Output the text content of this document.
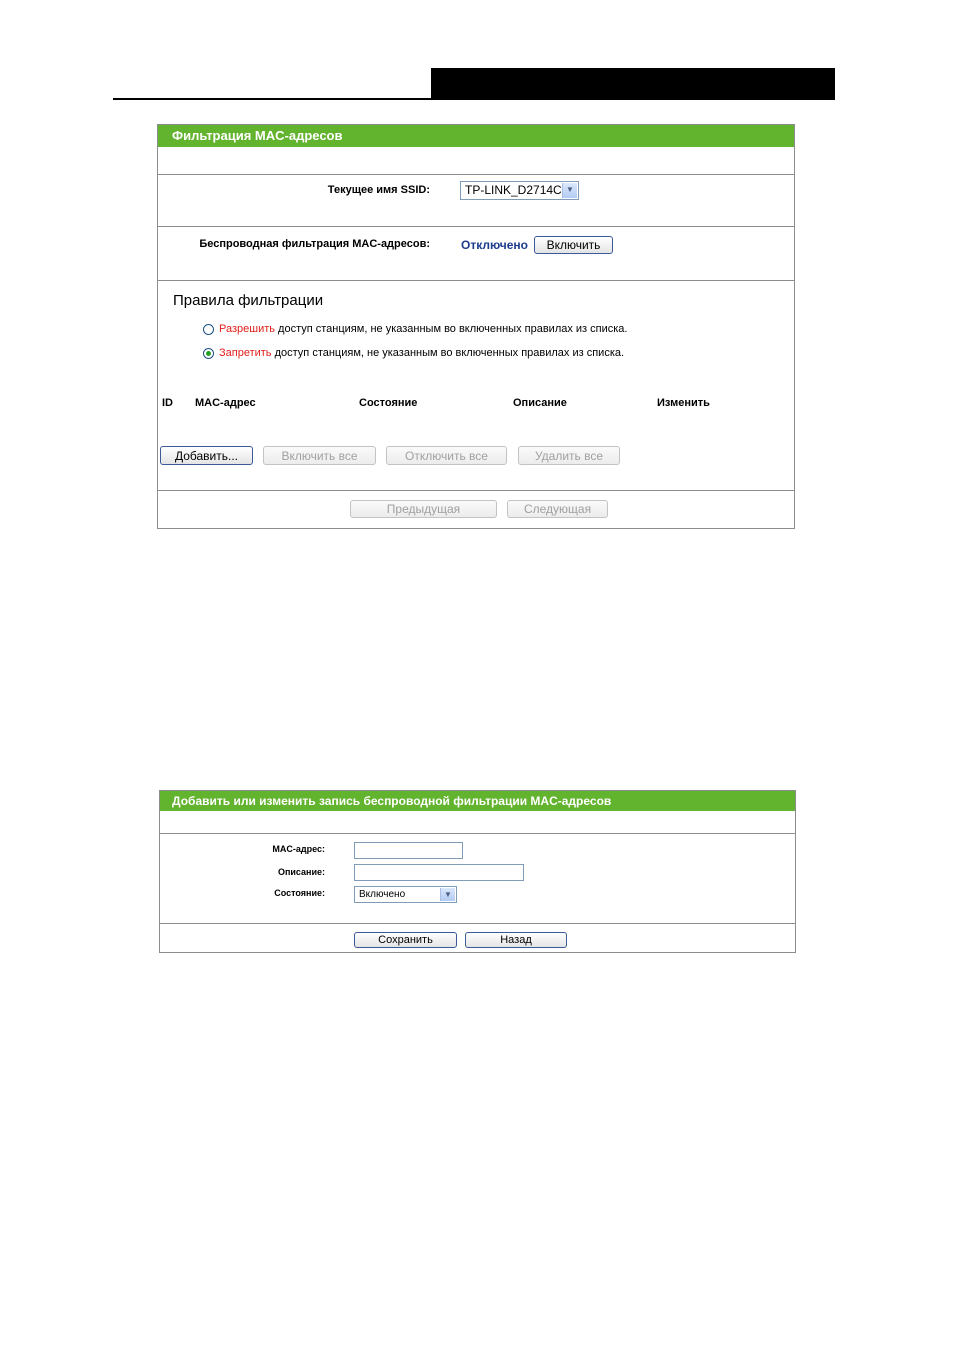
Фильтрация MAC-адресов
Текущее имя SSID:	TP-LINK_D2714C ▼
Беспроводная фильтрация MAC-адресов:	Отключено	Включить
Правила фильтрации
Разрешить доступ станциям, не указанным во включенных правилах из списка.
Запретить доступ станциям, не указанным во включенных правилах из списка.
ID MAC-адрес	Состояние	Описание	Изменить
Добавить...	Включить все	Отключить все	Удалить все
Предыдущая	Следующая
Добавить или изменить запись беспроводной фильтрации MAC-адресов
MAC-адрес:
Описание:
Состояние:	Включено	▼
Сохранить	Назад
